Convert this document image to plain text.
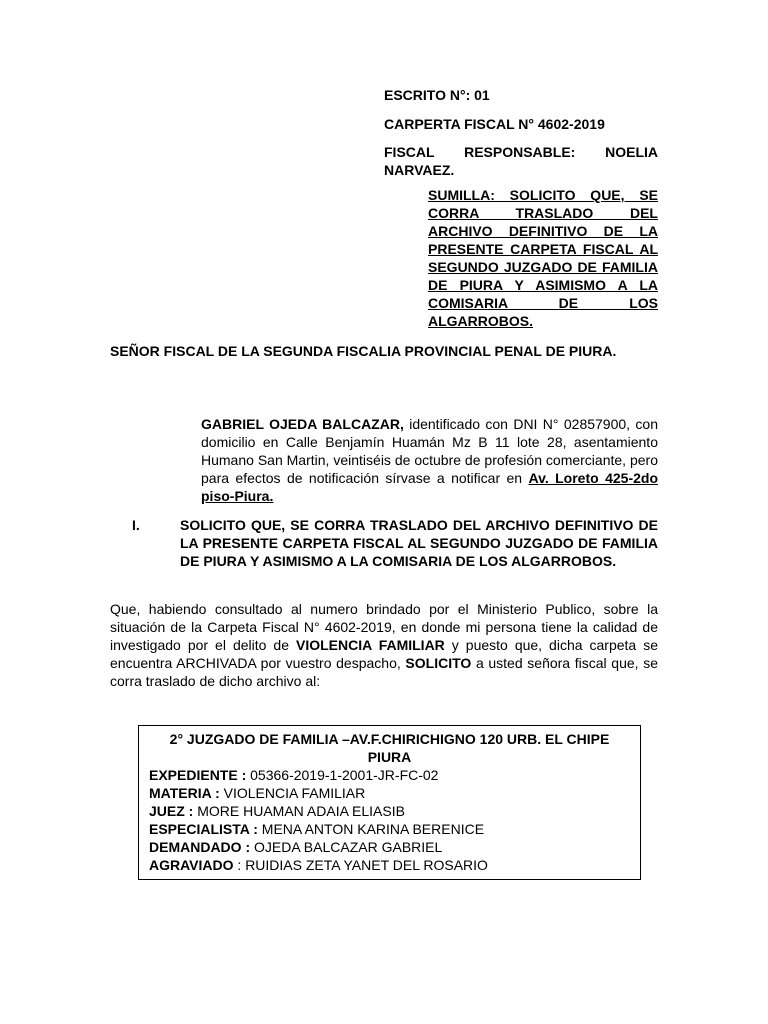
ESCRITO N°: 01
CARPERTA FISCAL N° 4602-2019
FISCAL RESPONSABLE: NOELIA
NARVAEZ.
SUMILLA: SOLICITO QUE, SE CORRA TRASLADO DEL ARCHIVO DEFINITIVO DE LA PRESENTE CARPETA FISCAL AL SEGUNDO JUZGADO DE FAMILIA DE PIURA Y ASIMISMO A LA COMISARIA DE LOS ALGARROBOS.
SEÑOR FISCAL DE LA SEGUNDA FISCALIA PROVINCIAL PENAL DE PIURA.
GABRIEL OJEDA BALCAZAR, identificado con DNI N° 02857900, con domicilio en Calle Benjamín Huamán Mz B 11 lote 28, asentamiento Humano San Martin, veintiséis de octubre de profesión comerciante, pero para efectos de notificación sírvase a notificar en Av. Loreto 425-2do piso-Piura.
I.	SOLICITO QUE, SE CORRA TRASLADO DEL ARCHIVO DEFINITIVO DE LA PRESENTE CARPETA FISCAL AL SEGUNDO JUZGADO DE FAMILIA DE PIURA Y ASIMISMO A LA COMISARIA DE LOS ALGARROBOS.
Que, habiendo consultado al numero brindado por el Ministerio Publico, sobre la situación de la Carpeta Fiscal N° 4602-2019, en donde mi persona tiene la calidad de investigado por el delito de VIOLENCIA FAMILIAR y puesto que, dicha carpeta se encuentra ARCHIVADA por vuestro despacho, SOLICITO a usted señora fiscal que, se corra traslado de dicho archivo al:
2° JUZGADO DE FAMILIA –AV.F.CHIRICHIGNO 120 URB. EL CHIPE PIURA
EXPEDIENTE : 05366-2019-1-2001-JR-FC-02
MATERIA : VIOLENCIA FAMILIAR
JUEZ : MORE HUAMAN ADAIA ELIASIB
ESPECIALISTA : MENA ANTON KARINA BERENICE
DEMANDADO : OJEDA BALCAZAR GABRIEL
AGRAVIADO : RUIDIAS ZETA YANET DEL ROSARIO
